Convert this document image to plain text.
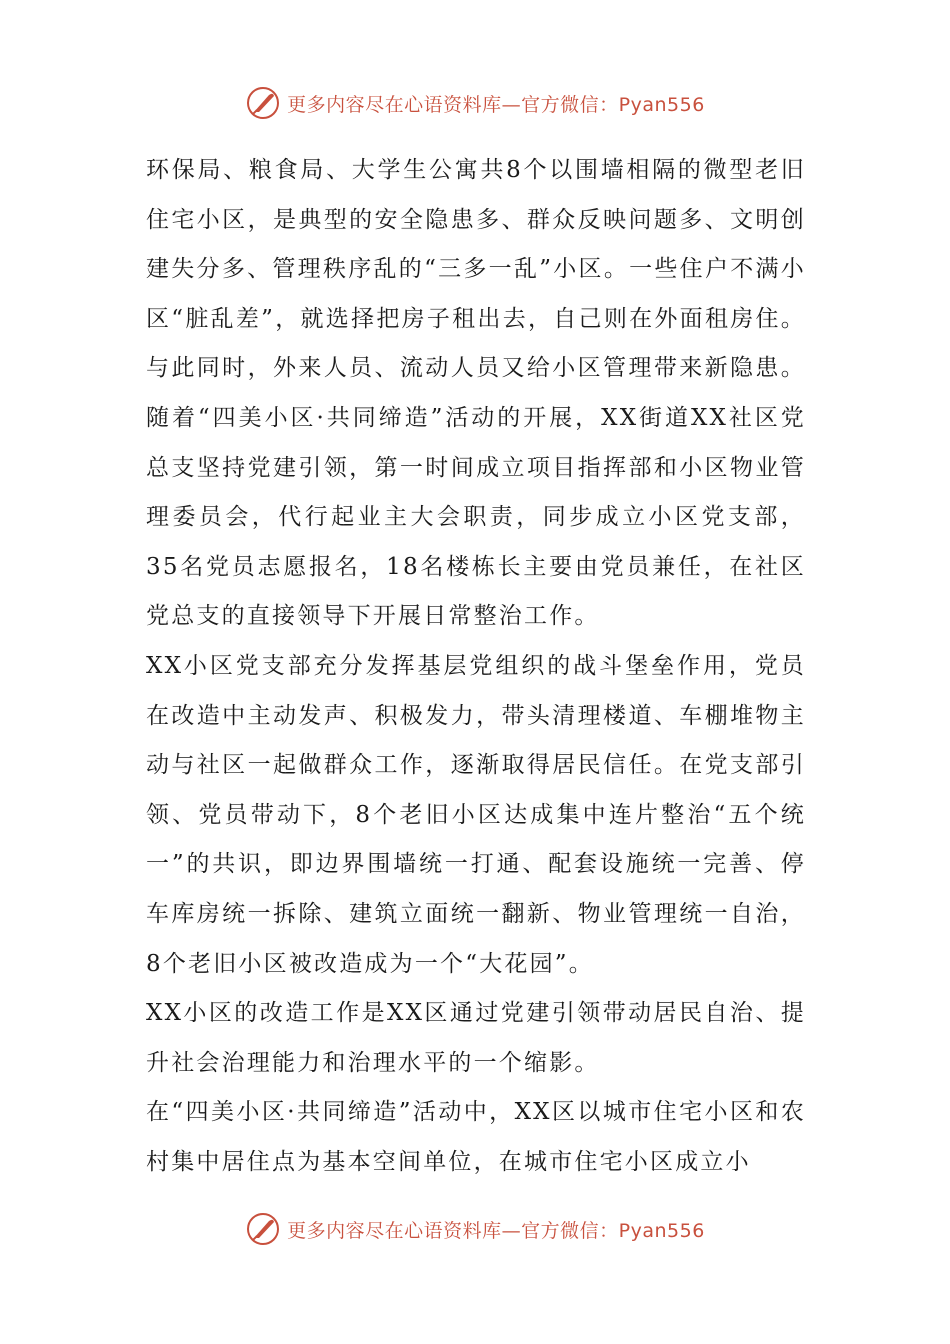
更多内容尽在心语资料库—官方微信：Pyan556

环保局、粮食局、大学生公寓共8个以围墙相隔的微型老旧住宅小区，是典型的安全隐患多、群众反映问题多、文明创建失分多、管理秩序乱的“三多一乱”小区。一些住户不满小区“脏乱差”，就选择把房子租出去，自己则在外面租房住。与此同时，外来人员、流动人员又给小区管理带来新隐患。随着“四美小区·共同缔造”活动的开展，XX街道XX社区党总支坚持党建引领，第一时间成立项目指挥部和小区物业管理委员会，代行起业主大会职责，同步成立小区党支部，35名党员志愿报名，18名楼栋长主要由党员兼任，在社区党总支的直接领导下开展日常整治工作。

XX小区党支部充分发挥基层党组织的战斗堡垒作用，党员在改造中主动发声、积极发力，带头清理楼道、车棚堆物主动与社区一起做群众工作，逐渐取得居民信任。在党支部引领、党员带动下，8个老旧小区达成集中连片整治“五个统一”的共识，即边界围墙统一打通、配套设施统一完善、停车库房统一拆除、建筑立面统一翻新、物业管理统一自治，8个老旧小区被改造成为一个“大花园”。

XX小区的改造工作是XX区通过党建引领带动居民自治、提升社会治理能力和治理水平的一个缩影。

在“四美小区·共同缔造”活动中，XX区以城市住宅小区和农村集中居住点为基本空间单位，在城市住宅小区成立小

更多内容尽在心语资料库—官方微信：Pyan556
